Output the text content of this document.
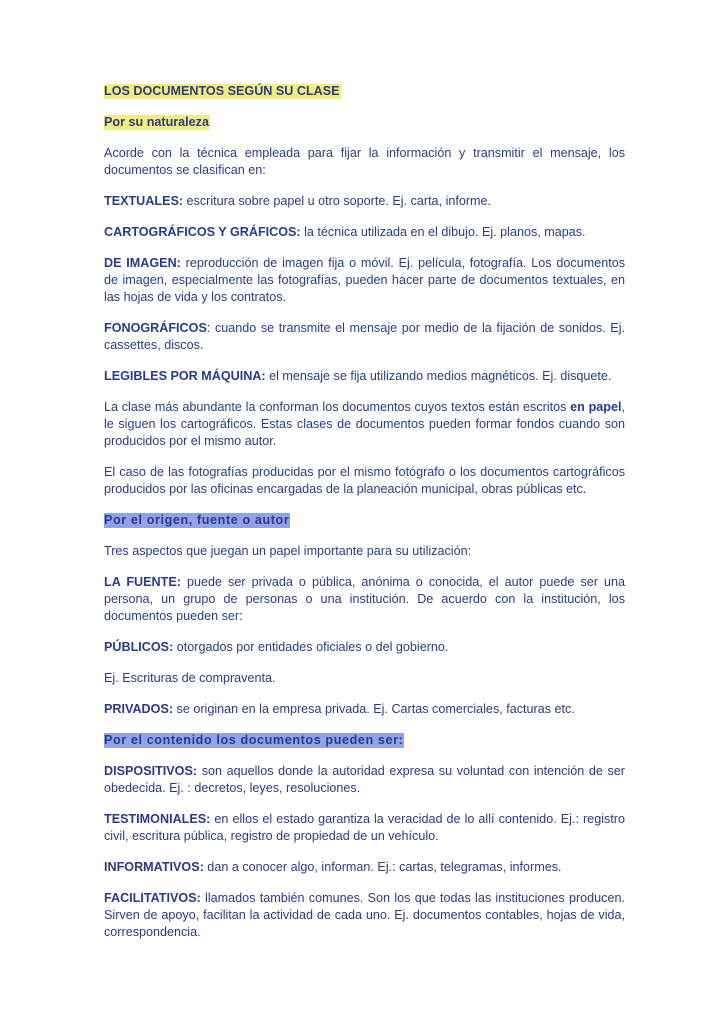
LOS DOCUMENTOS SEGÚN SU CLASE

Por su naturaleza

Acorde con la técnica empleada para fijar la información y transmitir el mensaje, los documentos se clasifican en:

TEXTUALES: escritura sobre papel u otro soporte. Ej. carta, informe.

CARTOGRÁFICOS Y GRÁFICOS: la técnica utilizada en el dibujo. Ej. planos, mapas.

DE IMAGEN: reproducción de imagen fija o móvil. Ej. película, fotografía. Los documentos de imagen, especialmente las fotografías, pueden hacer parte de documentos textuales, en las hojas de vida y los contratos.

FONOGRÁFICOS: cuando se transmite el mensaje por medio de la fijación de sonidos. Ej. cassettes, discos.

LEGIBLES POR MÁQUINA: el mensaje se fija utilizando medios magnéticos. Ej. disquete.

La clase más abundante la conforman los documentos cuyos textos están escritos en papel, le siguen los cartográficos. Estas clases de documentos pueden formar fondos cuando son producidos por el mismo autor.

El caso de las fotografías producidas por el mismo fotógrafo o los documentos cartográficos producidos por las oficinas encargadas de la planeación municipal, obras públicas etc.

Por el origen, fuente o autor

Tres aspectos que juegan un papel importante para su utilización:

LA FUENTE: puede ser privada o pública, anónima o conocida, el autor puede ser una persona, un grupo de personas o una institución. De acuerdo con la institución, los documentos pueden ser:

PÚBLICOS: otorgados por entidades oficiales o del gobierno.

Ej. Escrituras de compraventa.

PRIVADOS: se originan en la empresa privada. Ej. Cartas comerciales, facturas etc.

Por el contenido los documentos pueden ser:

DISPOSITIVOS: son aquellos donde la autoridad expresa su voluntad con intención de ser obedecida. Ej. : decretos, leyes, resoluciones.

TESTIMONIALES: en ellos el estado garantiza la veracidad de lo allí contenido. Ej.: registro civil, escritura pública, registro de propiedad de un vehículo.

INFORMATIVOS: dan a conocer algo, informan. Ej.: cartas, telegramas, informes.

FACILITATIVOS: llamados también comunes. Son los que todas las instituciones producen. Sirven de apoyo, facilitan la actividad de cada uno. Ej. documentos contables, hojas de vida, correspondencia.
